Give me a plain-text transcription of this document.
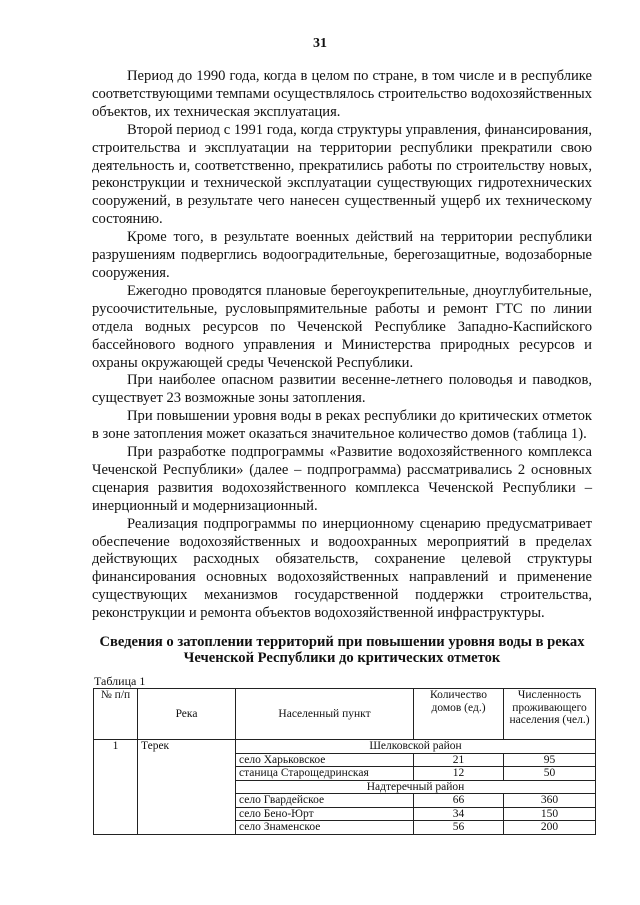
31

Период до 1990 года, когда в целом по стране, в том числе и в республике соответствующими темпами осуществлялось строительство водохозяйственных объектов, их техническая эксплуатация.

Второй период с 1991 года, когда структуры управления, финансирования, строительства и эксплуатации на территории республики прекратили свою деятельность и, соответственно, прекратились работы по строительству новых, реконструкции и технической эксплуатации существующих гидротехнических сооружений, в результате чего нанесен существенный ущерб их техническому состоянию.

Кроме того, в результате военных действий на территории республики разрушениям подверглись водооградительные, берегозащитные, водозаборные сооружения.

Ежегодно проводятся плановые берегоукрепительные, дноуглубительные, русоочистительные, русловыпрямительные работы и ремонт ГТС по линии отдела водных ресурсов по Чеченской Республике Западно-Каспийского бассейнового водного управления и Министерства природных ресурсов и охраны окружающей среды Чеченской Республики.

При наиболее опасном развитии весенне-летнего половодья и паводков, существует 23 возможные зоны затопления.

При повышении уровня воды в реках республики до критических отметок в зоне затопления может оказаться значительное количество домов (таблица 1).

При разработке подпрограммы «Развитие водохозяйственного комплекса Чеченской Республики» (далее – подпрограмма) рассматривались 2 основных сценария развития водохозяйственного комплекса Чеченской Республики – инерционный и модернизационный.

Реализация подпрограммы по инерционному сценарию предусматривает обеспечение водохозяйственных и водоохранных мероприятий в пределах действующих расходных обязательств, сохранение целевой структуры финансирования основных водохозяйственных направлений и применение существующих механизмов государственной поддержки строительства, реконструкции и ремонта объектов водохозяйственной инфраструктуры.

Сведения о затоплении территорий при повышении уровня воды в реках Чеченской Республики до критических отметок
Таблица 1
№ п/п	Река	Населенный пункт	Количество домов (ед.)	Численность проживающего населения (чел.)
1	Терек	Шелковской район		
		село Харьковское	21	95
		станица Старощедринская	12	50
		Надтеречный район		
		село Гвардейское	66	360
		село Бено-Юрт	34	150
		село Знаменское	56	200
